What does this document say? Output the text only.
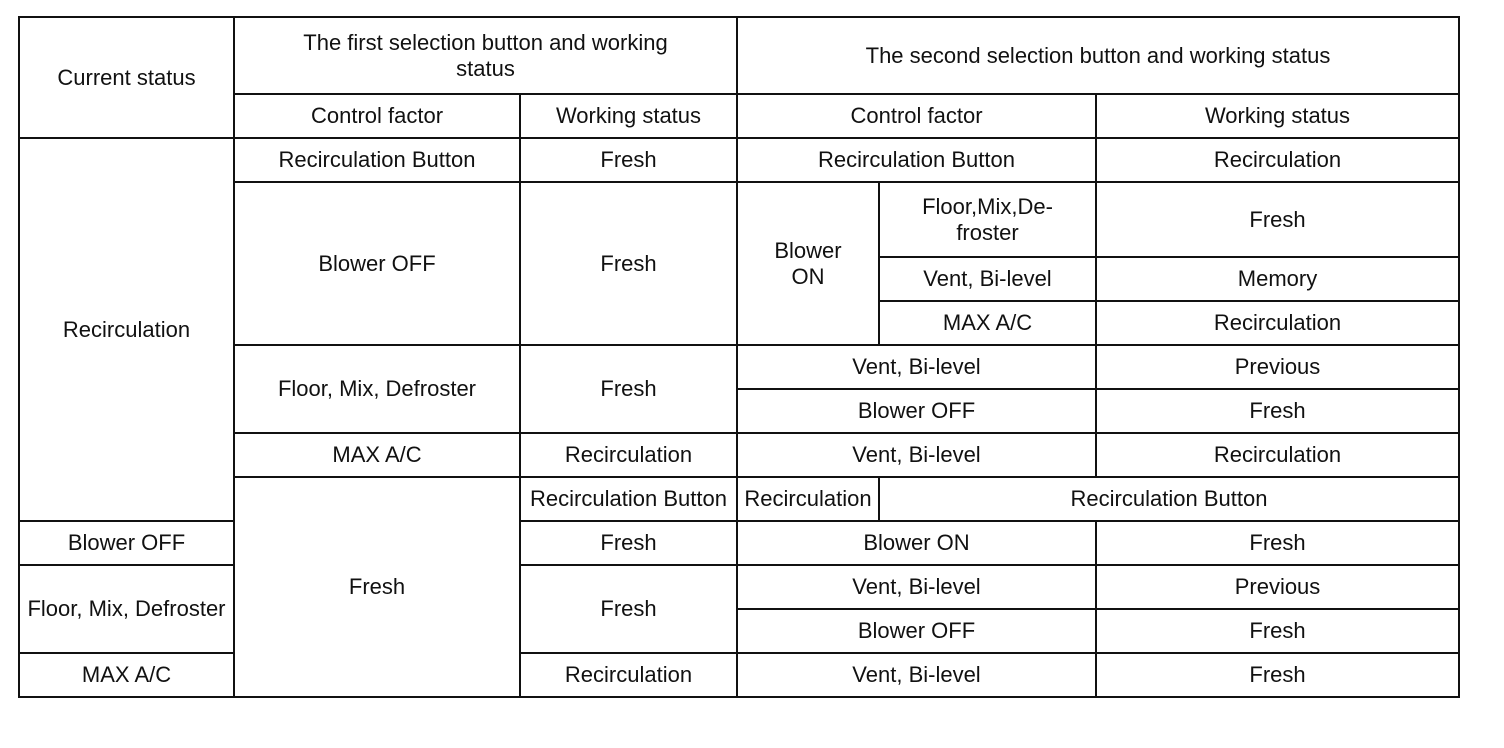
Current status	The first selection button and working status		The second selection button and working status			
	Control factor	Working status	Control factor		Working status	
Recirculation	Recirculation Button	Fresh	Recirculation Button		Recirculation	
	Blower OFF	Fresh	Blower ON	Floor,Mix,De-froster	Fresh	
				Vent, Bi-level	Memory	
				MAX A/C	Recirculation	
	Floor, Mix, Defroster	Fresh	Vent, Bi-level		Previous	
			Blower OFF		Fresh	
	MAX A/C	Recirculation	Vent, Bi-level		Recirculation	
	Fresh	Recirculation Button	Recirculation	Recirculation Button	
Blower OFF		Fresh	Blower ON		Fresh	
Floor, Mix, Defroster		Fresh	Vent, Bi-level		Previous	
			Blower OFF		Fresh	
MAX A/C		Recirculation	Vent, Bi-level		Fresh	
